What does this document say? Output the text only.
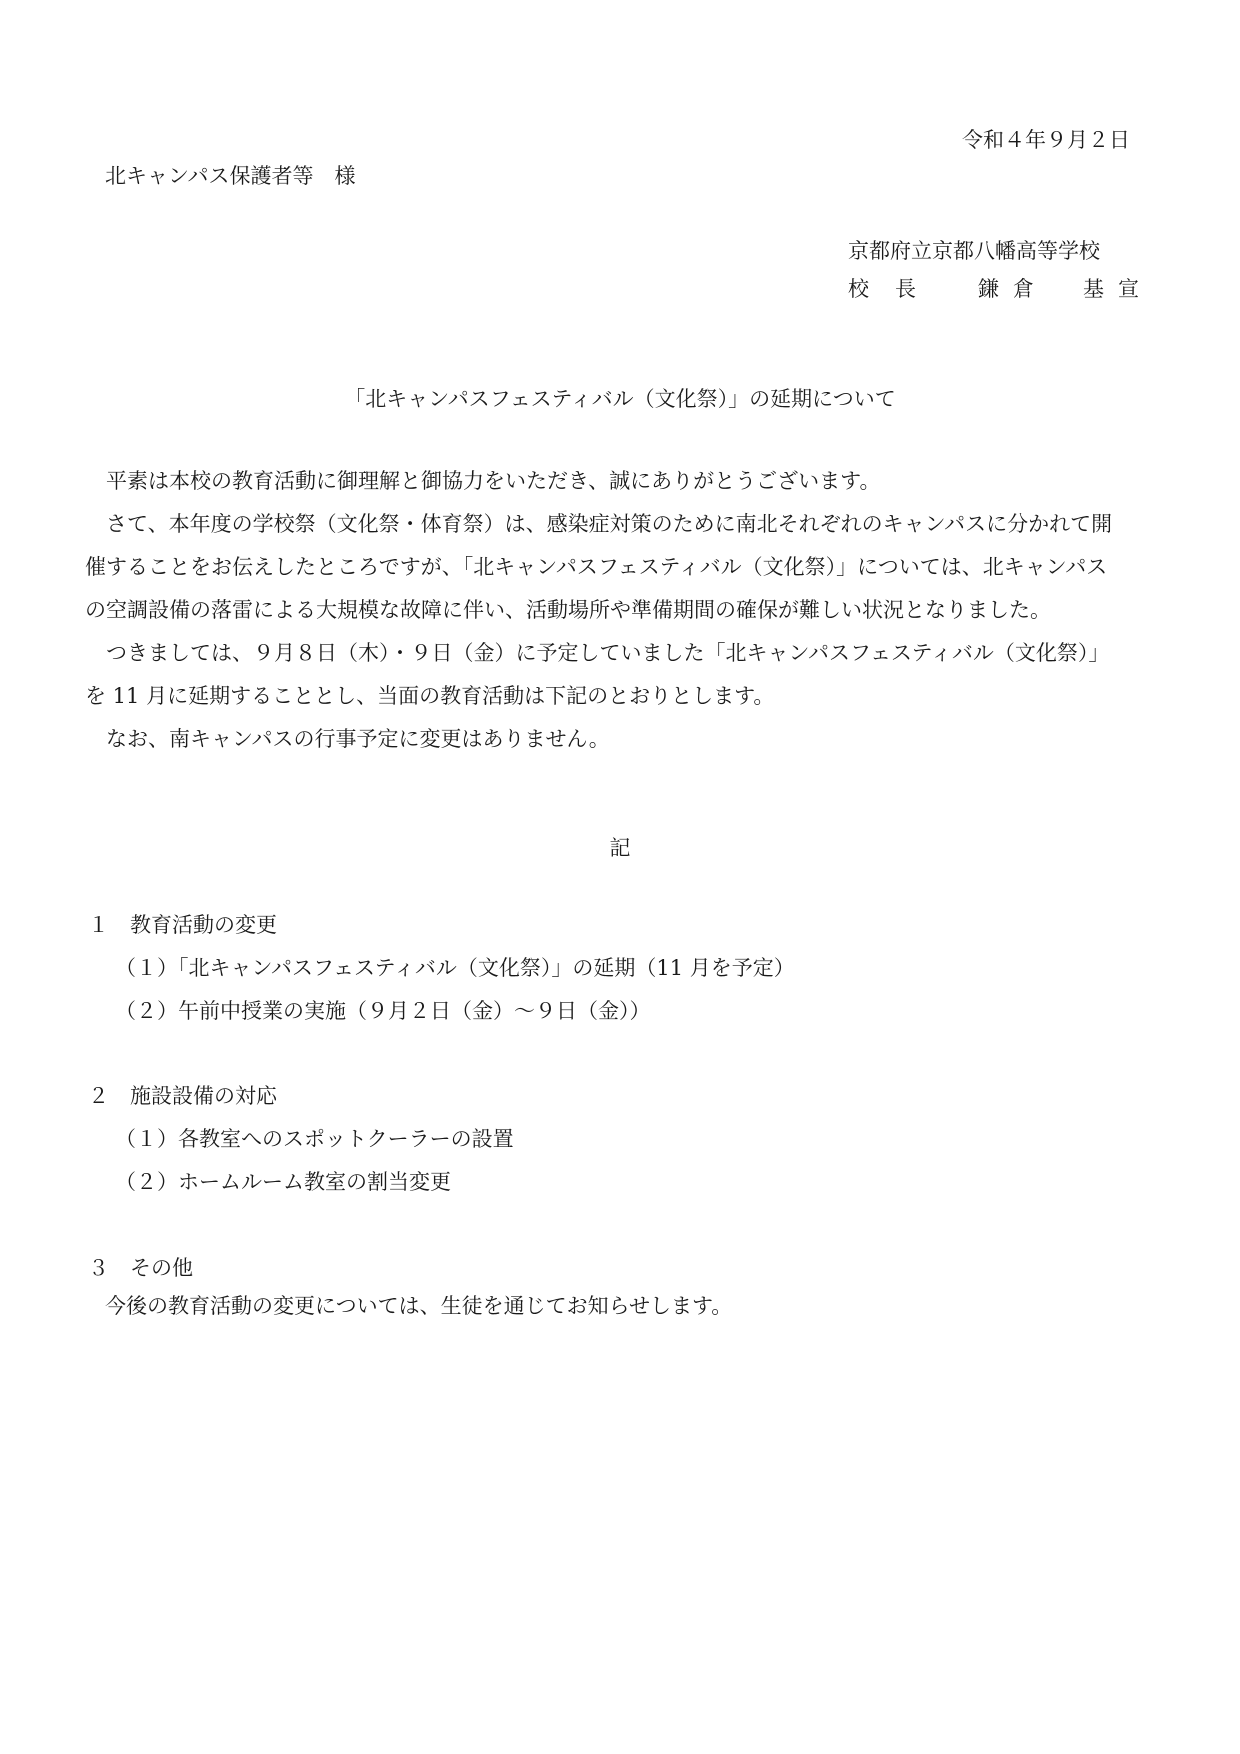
令和４年９月２日
北キャンパス保護者等　様
京都府立京都八幡高等学校
校長 鎌倉　基宣
「北キャンパスフェスティバル（文化祭）」の延期について

平素は本校の教育活動に御理解と御協力をいただき、誠にありがとうございます。

さて、本年度の学校祭（文化祭・体育祭）は、感染症対策のために南北それぞれのキャンパスに分かれて開

催することをお伝えしたところですが、「北キャンパスフェスティバル（文化祭）」については、北キャンパス

の空調設備の落雷による大規模な故障に伴い、活動場所や準備期間の確保が難しい状況となりました。

つきましては、９月８日（木）・９日（金）に予定していました「北キャンパスフェスティバル（文化祭）」

を 11 月に延期することとし、当面の教育活動は下記のとおりとします。

なお、南キャンパスの行事予定に変更はありません。

記
１　教育活動の変更
（１）「北キャンパスフェスティバル（文化祭）」の延期（11 月を予定）
（２）午前中授業の実施（９月２日（金）～９日（金））
２　施設設備の対応
（１）各教室へのスポットクーラーの設置
（２）ホームルーム教室の割当変更
３　その他
今後の教育活動の変更については、生徒を通じてお知らせします。
